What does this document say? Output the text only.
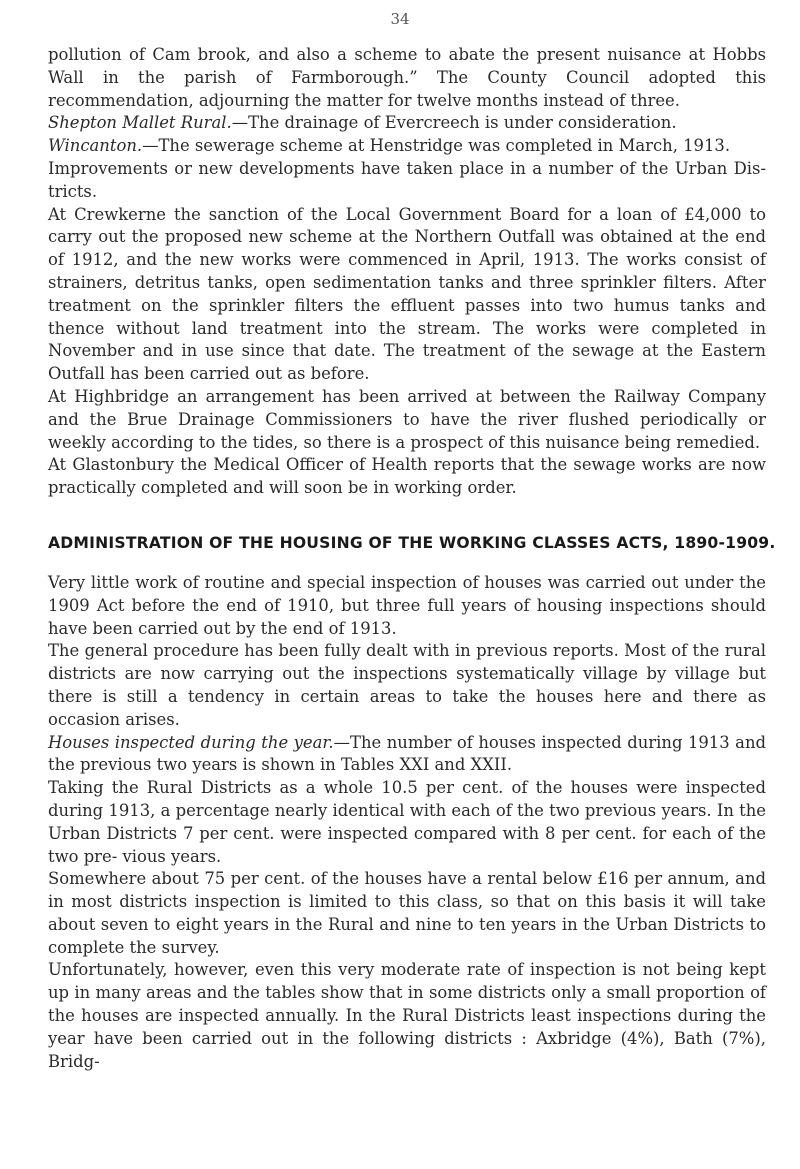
34

pollution of Cam brook, and also a scheme to abate the present nuisance at Hobbs Wall in the parish of Farmborough.” The County Council adopted this recommendation, adjourning the matter for twelve months instead of three.

Shepton Mallet Rural.—The drainage of Evercreech is under consideration.

Wincanton.—The sewerage scheme at Henstridge was completed in March, 1913.

Improvements or new developments have taken place in a number of the Urban Dis- tricts.

At Crewkerne the sanction of the Local Government Board for a loan of £4,000 to carry out the proposed new scheme at the Northern Outfall was obtained at the end of 1912, and the new works were commenced in April, 1913. The works consist of strainers, detritus tanks, open sedimentation tanks and three sprinkler filters. After treatment on the sprinkler filters the effluent passes into two humus tanks and thence without land treatment into the stream. The works were completed in November and in use since that date. The treatment of the sewage at the Eastern Outfall has been carried out as before.

At Highbridge an arrangement has been arrived at between the Railway Company and the Brue Drainage Commissioners to have the river flushed periodically or weekly according to the tides, so there is a prospect of this nuisance being remedied.

At Glastonbury the Medical Officer of Health reports that the sewage works are now practically completed and will soon be in working order.

ADMINISTRATION OF THE HOUSING OF THE WORKING CLASSES ACTS, 1890-1909.

Very little work of routine and special inspection of houses was carried out under the 1909 Act before the end of 1910, but three full years of housing inspections should have been carried out by the end of 1913.

The general procedure has been fully dealt with in previous reports. Most of the rural districts are now carrying out the inspections systematically village by village but there is still a tendency in certain areas to take the houses here and there as occasion arises.

Houses inspected during the year.—The number of houses inspected during 1913 and the previous two years is shown in Tables XXI and XXII.

Taking the Rural Districts as a whole 10.5 per cent. of the houses were inspected during 1913, a percentage nearly identical with each of the two previous years. In the Urban Districts 7 per cent. were inspected compared with 8 per cent. for each of the two pre- vious years.

Somewhere about 75 per cent. of the houses have a rental below £16 per annum, and in most districts inspection is limited to this class, so that on this basis it will take about seven to eight years in the Rural and nine to ten years in the Urban Districts to complete the survey.

Unfortunately, however, even this very moderate rate of inspection is not being kept up in many areas and the tables show that in some districts only a small proportion of the houses are inspected annually. In the Rural Districts least inspections during the year have been carried out in the following districts : Axbridge (4%), Bath (7%), Bridg-
